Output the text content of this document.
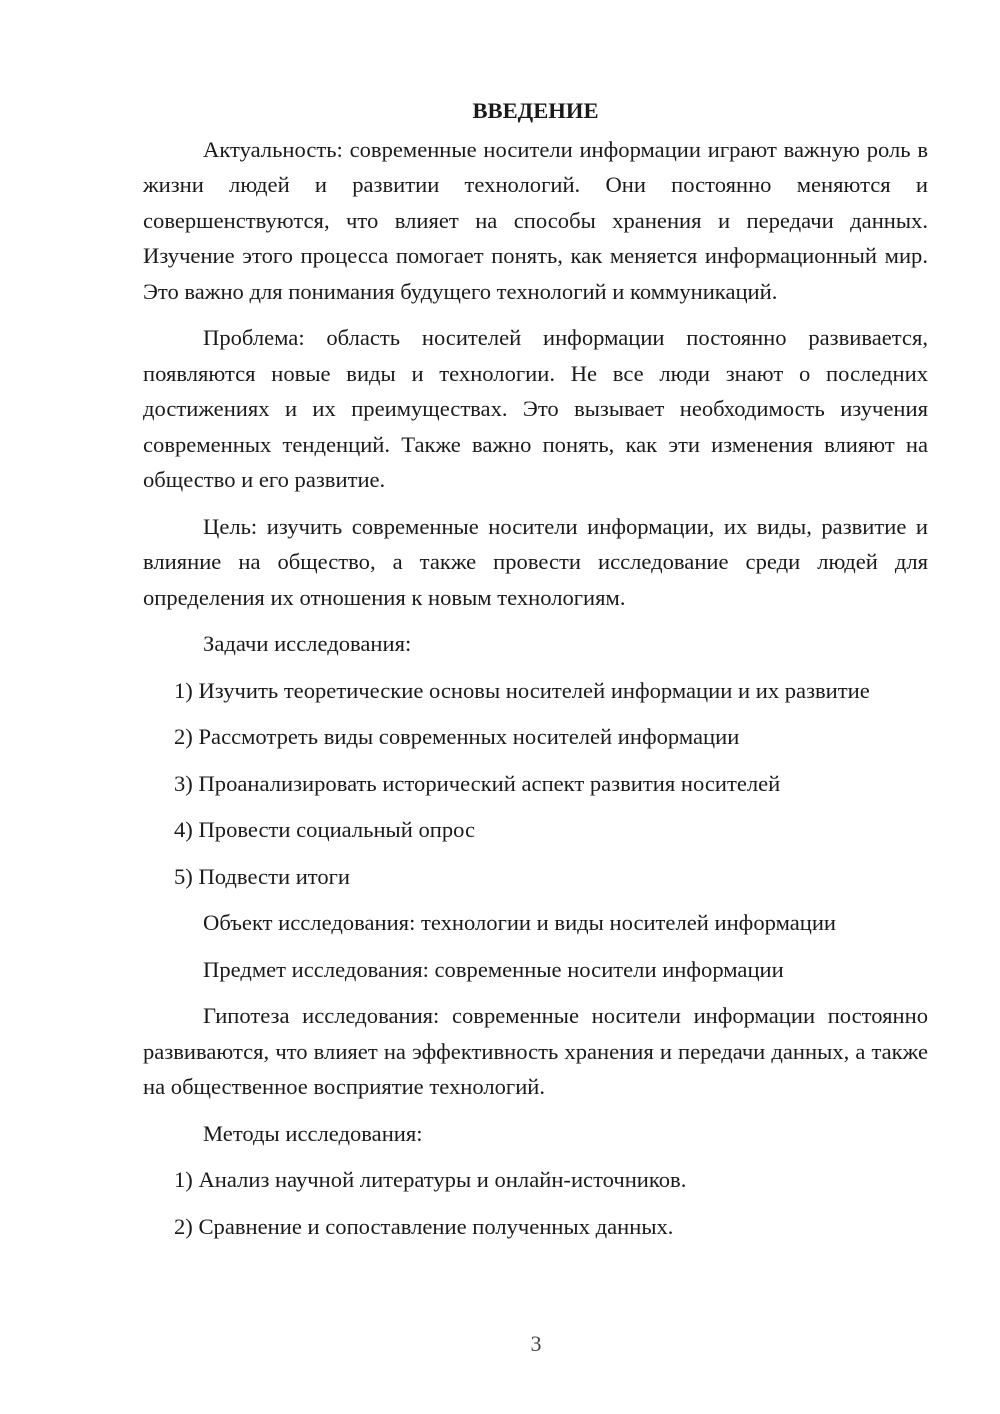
ВВЕДЕНИЕ

Актуальность: современные носители информации играют важную роль в жизни людей и развитии технологий. Они постоянно меняются и совершенствуются, что влияет на способы хранения и передачи данных. Изучение этого процесса помогает понять, как меняется информационный мир. Это важно для понимания будущего технологий и коммуникаций.

Проблема: область носителей информации постоянно развивается, появляются новые виды и технологии. Не все люди знают о последних достижениях и их преимуществах. Это вызывает необходимость изучения современных тенденций. Также важно понять, как эти изменения влияют на общество и его развитие.

Цель: изучить современные носители информации, их виды, развитие и влияние на общество, а также провести исследование среди людей для определения их отношения к новым технологиям.

Задачи исследования:

1) Изучить теоретические основы носителей информации и их развитие

2) Рассмотреть виды современных носителей информации

3) Проанализировать исторический аспект развития носителей

4) Провести социальный опрос

5) Подвести итоги

Объект исследования: технологии и виды носителей информации

Предмет исследования: современные носители информации

Гипотеза исследования: современные носители информации постоянно развиваются, что влияет на эффективность хранения и передачи данных, а также на общественное восприятие технологий.

Методы исследования:

1) Анализ научной литературы и онлайн-источников.

2) Сравнение и сопоставление полученных данных.

3
